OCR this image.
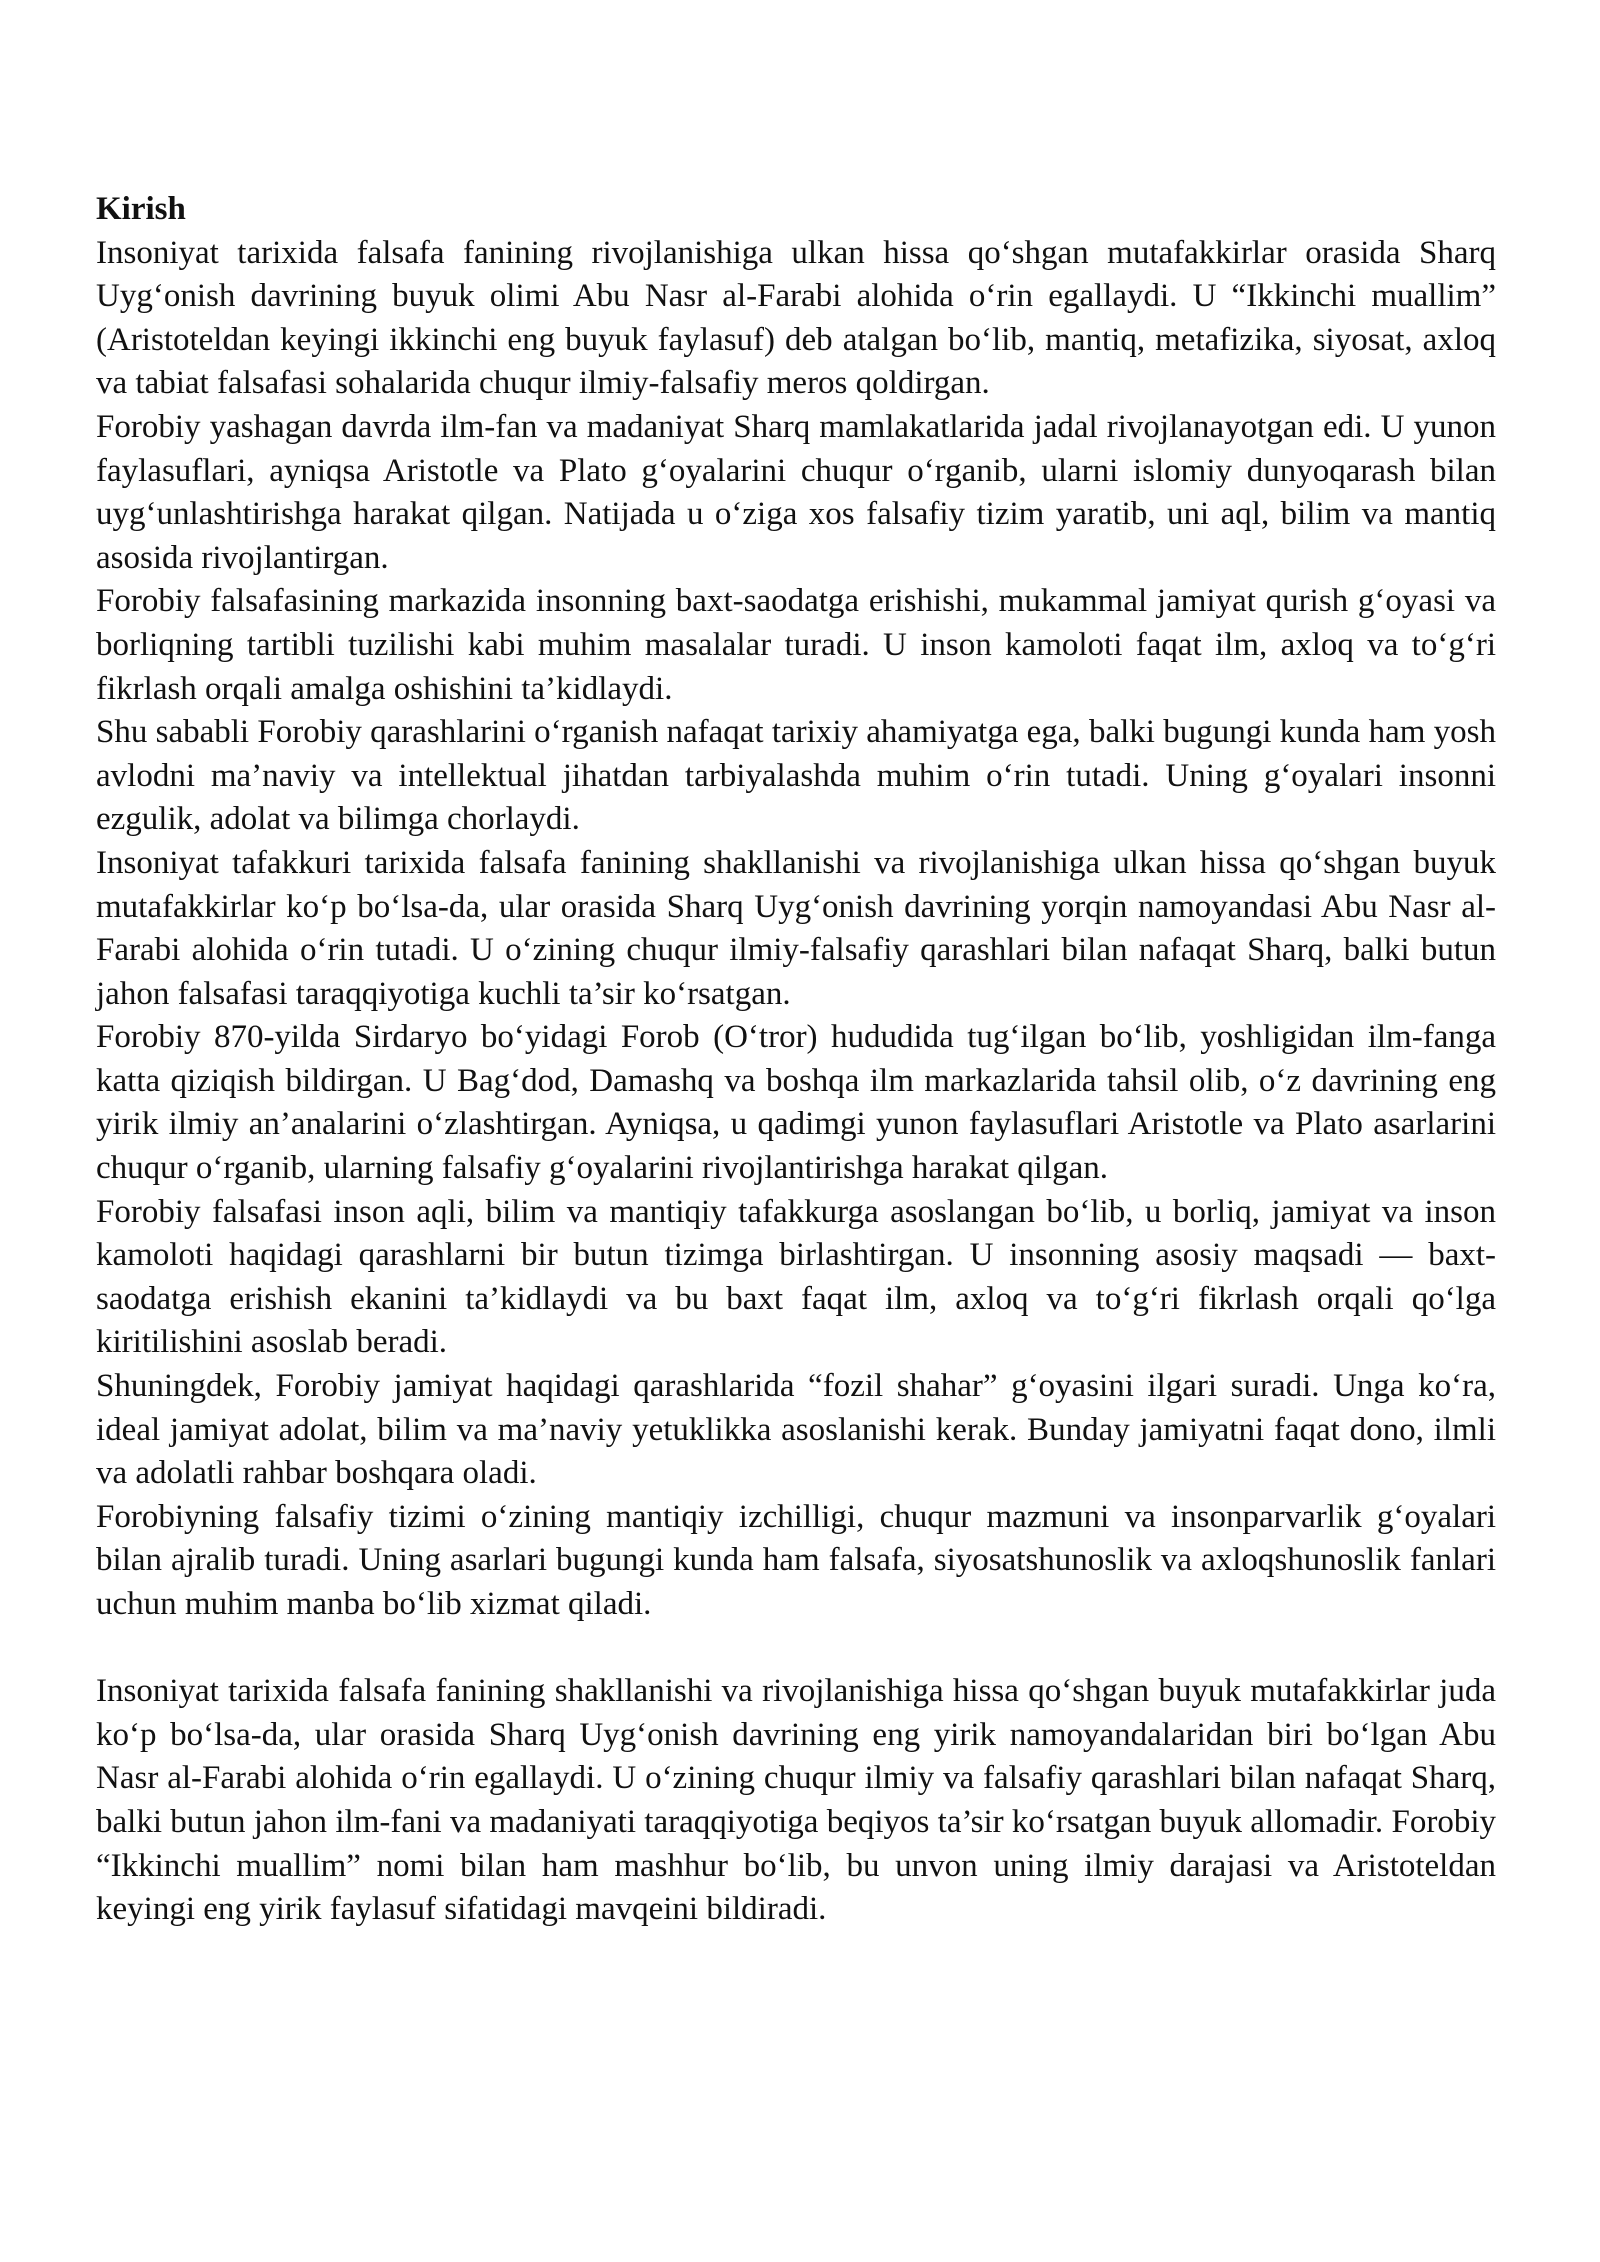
Kirish

Insoniyat tarixida falsafa fanining rivojlanishiga ulkan hissa qo‘shgan mutafakkirlar orasida Sharq Uyg‘onish davrining buyuk olimi Abu Nasr al-Farabi alohida o‘rin egallaydi. U “Ikkinchi muallim” (Aristoteldan keyingi ikkinchi eng buyuk faylasuf) deb atalgan bo‘lib, mantiq, metafizika, siyosat, axloq va tabiat falsafasi sohalarida chuqur ilmiy-falsafiy meros qoldirgan.

Forobiy yashagan davrda ilm-fan va madaniyat Sharq mamlakatlarida jadal rivojlanayotgan edi. U yunon faylasuflari, ayniqsa Aristotle va Plato g‘oyalarini chuqur o‘rganib, ularni islomiy dunyoqarash bilan uyg‘unlashtirishga harakat qilgan. Natijada u o‘ziga xos falsafiy tizim yaratib, uni aql, bilim va mantiq asosida rivojlantirgan.

Forobiy falsafasining markazida insonning baxt-saodatga erishishi, mukammal jamiyat qurish g‘oyasi va borliqning tartibli tuzilishi kabi muhim masalalar turadi. U inson kamoloti faqat ilm, axloq va to‘g‘ri fikrlash orqali amalga oshishini ta’kidlaydi.

Shu sababli Forobiy qarashlarini o‘rganish nafaqat tarixiy ahamiyatga ega, balki bugungi kunda ham yosh avlodni ma’naviy va intellektual jihatdan tarbiyalashda muhim o‘rin tutadi. Uning g‘oyalari insonni ezgulik, adolat va bilimga chorlaydi.

Insoniyat tafakkuri tarixida falsafa fanining shakllanishi va rivojlanishiga ulkan hissa qo‘shgan buyuk mutafakkirlar ko‘p bo‘lsa-da, ular orasida Sharq Uyg‘onish davrining yorqin namoyandasi Abu Nasr al-Farabi alohida o‘rin tutadi. U o‘zining chuqur ilmiy-falsafiy qarashlari bilan nafaqat Sharq, balki butun jahon falsafasi taraqqiyotiga kuchli ta’sir ko‘rsatgan.

Forobiy 870-yilda Sirdaryo bo‘yidagi Forob (O‘tror) hududida tug‘ilgan bo‘lib, yoshligidan ilm-fanga katta qiziqish bildirgan. U Bag‘dod, Damashq va boshqa ilm markazlarida tahsil olib, o‘z davrining eng yirik ilmiy an’analarini o‘zlashtirgan. Ayniqsa, u qadimgi yunon faylasuflari Aristotle va Plato asarlarini chuqur o‘rganib, ularning falsafiy g‘oyalarini rivojlantirishga harakat qilgan.

Forobiy falsafasi inson aqli, bilim va mantiqiy tafakkurga asoslangan bo‘lib, u borliq, jamiyat va inson kamoloti haqidagi qarashlarni bir butun tizimga birlashtirgan. U insonning asosiy maqsadi — baxt-saodatga erishish ekanini ta’kidlaydi va bu baxt faqat ilm, axloq va to‘g‘ri fikrlash orqali qo‘lga kiritilishini asoslab beradi.

Shuningdek, Forobiy jamiyat haqidagi qarashlarida “fozil shahar” g‘oyasini ilgari suradi. Unga ko‘ra, ideal jamiyat adolat, bilim va ma’naviy yetuklikka asoslanishi kerak. Bunday jamiyatni faqat dono, ilmli va adolatli rahbar boshqara oladi.

Forobiyning falsafiy tizimi o‘zining mantiqiy izchilligi, chuqur mazmuni va insonparvarlik g‘oyalari bilan ajralib turadi. Uning asarlari bugungi kunda ham falsafa, siyosatshunoslik va axloqshunoslik fanlari uchun muhim manba bo‘lib xizmat qiladi.

Insoniyat tarixida falsafa fanining shakllanishi va rivojlanishiga hissa qo‘shgan buyuk mutafakkirlar juda ko‘p bo‘lsa-da, ular orasida Sharq Uyg‘onish davrining eng yirik namoyandalaridan biri bo‘lgan Abu Nasr al-Farabi alohida o‘rin egallaydi. U o‘zining chuqur ilmiy va falsafiy qarashlari bilan nafaqat Sharq, balki butun jahon ilm-fani va madaniyati taraqqiyotiga beqiyos ta’sir ko‘rsatgan buyuk allomadir. Forobiy “Ikkinchi muallim” nomi bilan ham mashhur bo‘lib, bu unvon uning ilmiy darajasi va Aristoteldan keyingi eng yirik faylasuf sifatidagi mavqeini bildiradi.
